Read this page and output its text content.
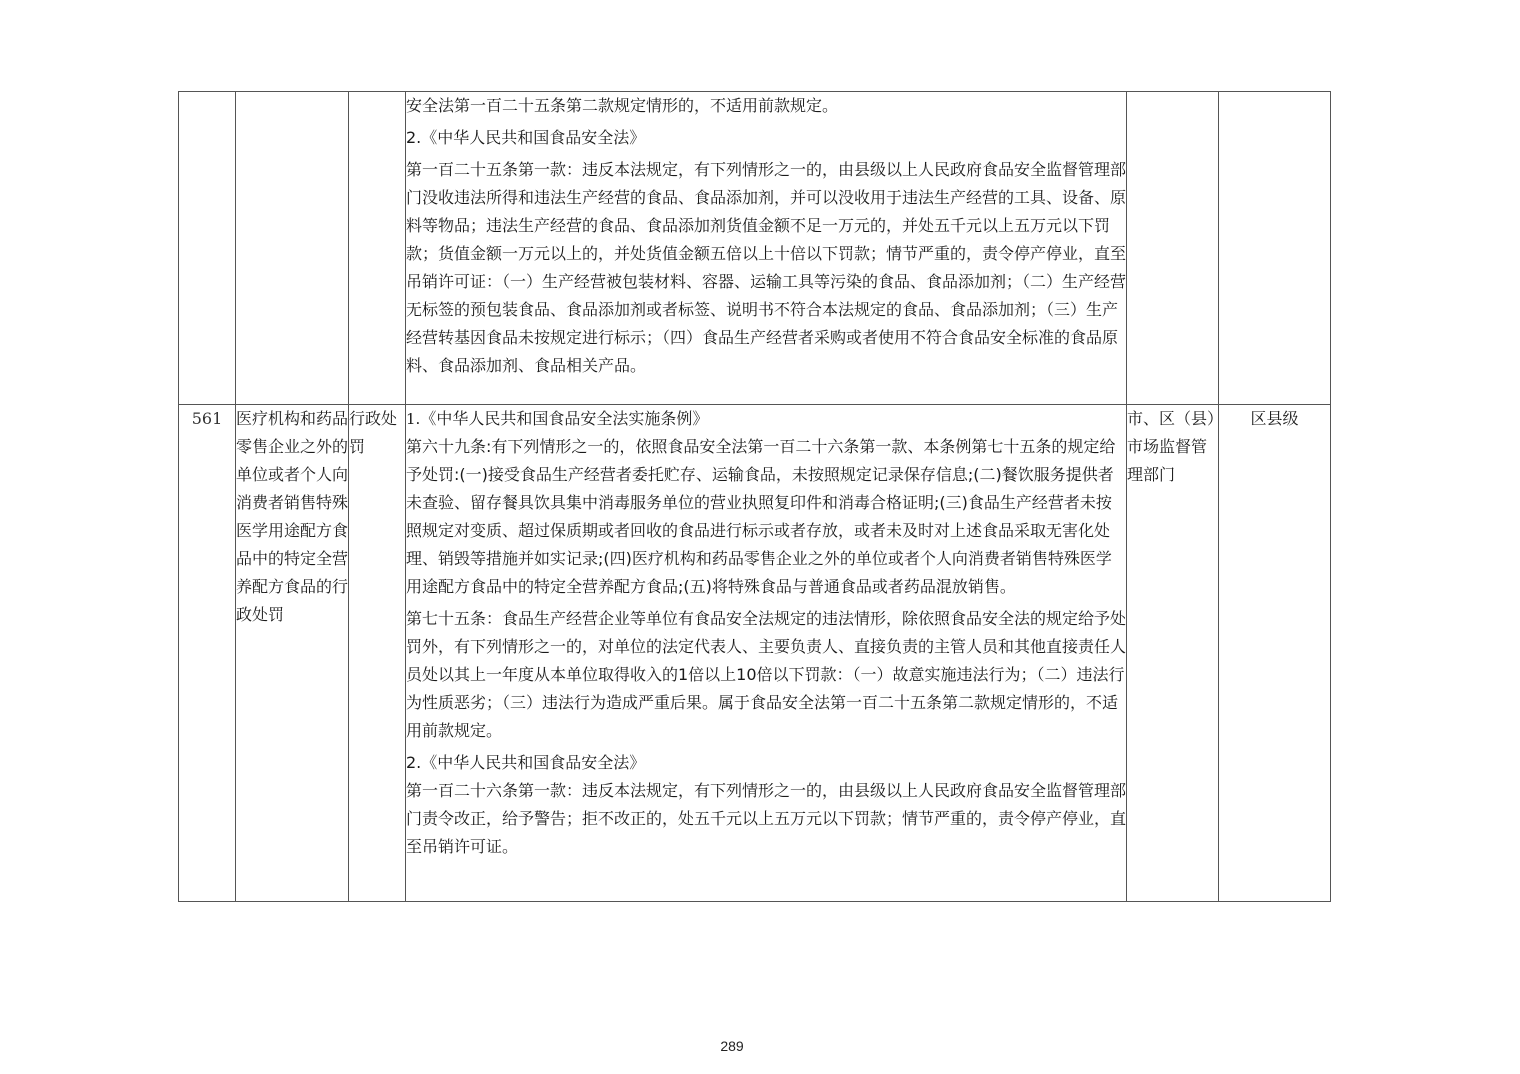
			安全法第一百二十五条第二款规定情形的，不适用前款规定。

2.《中华人民共和国食品安全法》

第一百二十五条第一款：违反本法规定，有下列情形之一的，由县级以上人民政府食品安全监督管理部门没收违法所得和违法生产经营的食品、食品添加剂，并可以没收用于违法生产经营的工具、设备、原料等物品；违法生产经营的食品、食品添加剂货值金额不足一万元的，并处五千元以上五万元以下罚款；货值金额一万元以上的，并处货值金额五倍以上十倍以下罚款；情节严重的，责令停产停业，直至吊销许可证：（一）生产经营被包装材料、容器、运输工具等污染的食品、食品添加剂；（二）生产经营无标签的预包装食品、食品添加剂或者标签、说明书不符合本法规定的食品、食品添加剂；（三）生产经营转基因食品未按规定进行标示；（四）食品生产经营者采购或者使用不符合食品安全标准的食品原料、食品添加剂、食品相关产品。		

561	医疗机构和药品零售企业之外的单位或者个人向消费者销售特殊医学用途配方食品中的特定全营养配方食品的行政处罚	行政处罚	1.《中华人民共和国食品安全法实施条例》

第六十九条:有下列情形之一的，依照食品安全法第一百二十六条第一款、本条例第七十五条的规定给予处罚:(一)接受食品生产经营者委托贮存、运输食品，未按照规定记录保存信息;(二)餐饮服务提供者未查验、留存餐具饮具集中消毒服务单位的营业执照复印件和消毒合格证明;(三)食品生产经营者未按照规定对变质、超过保质期或者回收的食品进行标示或者存放，或者未及时对上述食品采取无害化处理、销毁等措施并如实记录;(四)医疗机构和药品零售企业之外的单位或者个人向消费者销售特殊医学用途配方食品中的特定全营养配方食品;(五)将特殊食品与普通食品或者药品混放销售。

第七十五条：食品生产经营企业等单位有食品安全法规定的违法情形，除依照食品安全法的规定给予处罚外，有下列情形之一的，对单位的法定代表人、主要负责人、直接负责的主管人员和其他直接责任人员处以其上一年度从本单位取得收入的1倍以上10倍以下罚款：（一）故意实施违法行为；（二）违法行为性质恶劣；（三）违法行为造成严重后果。属于食品安全法第一百二十五条第二款规定情形的，不适用前款规定。

2.《中华人民共和国食品安全法》

第一百二十六条第一款：违反本法规定，有下列情形之一的，由县级以上人民政府食品安全监督管理部门责令改正，给予警告；拒不改正的，处五千元以上五万元以下罚款；情节严重的，责令停产停业，直至吊销许可证。	市、区（县）市场监督管理部门	区县级
289
